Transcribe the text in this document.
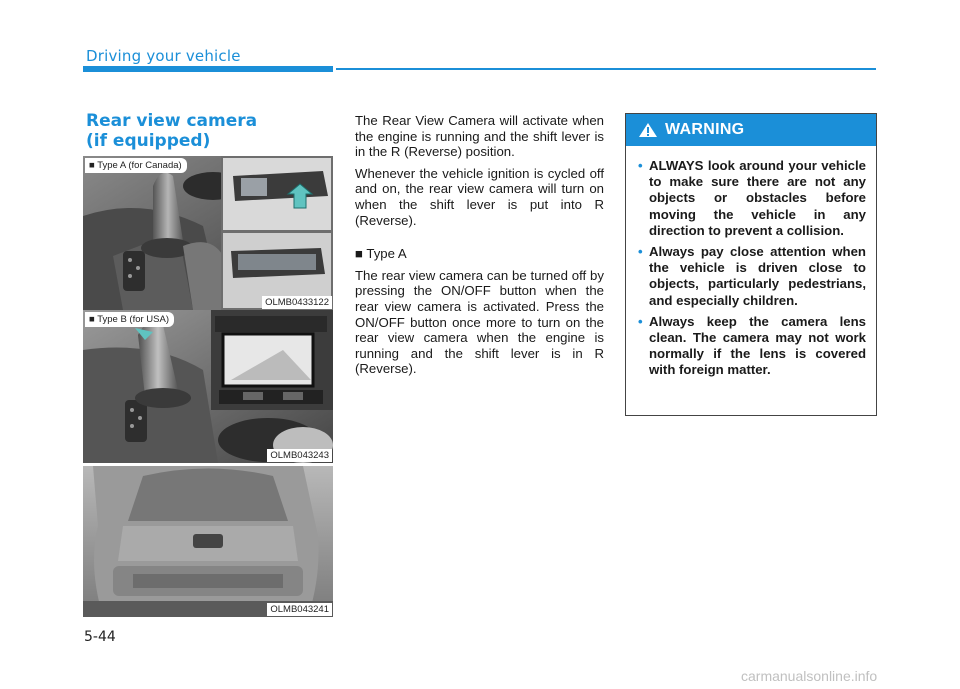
Driving your vehicle
Rear view camera
(if equipped)
■ Type A (for Canada)
OLMB0433122
■ Type B (for USA)
OLMB043243
OLMB043241

The Rear View Camera will activate when the engine is running and the shift lever is in the R (Reverse) position.

Whenever the vehicle ignition is cycled off and on, the rear view camera will turn on when the shift lever is put into R (Reverse).

■ Type A

The rear view camera can be turned off by pressing the ON/OFF button when the rear view camera is activated. Press the ON/OFF button once more to turn on the rear view camera when the engine is running and the shift lever is in R (Reverse).

WARNING
• ALWAYS look around your vehicle to make sure there are not any objects or obstacles before moving the vehicle in any direction to prevent a collision.
• Always pay close attention when the vehicle is driven close to objects, particularly pedestrians, and especially children.
• Always keep the camera lens clean. The camera may not work normally if the lens is covered with foreign matter.
5-44
carmanualsonline.info
